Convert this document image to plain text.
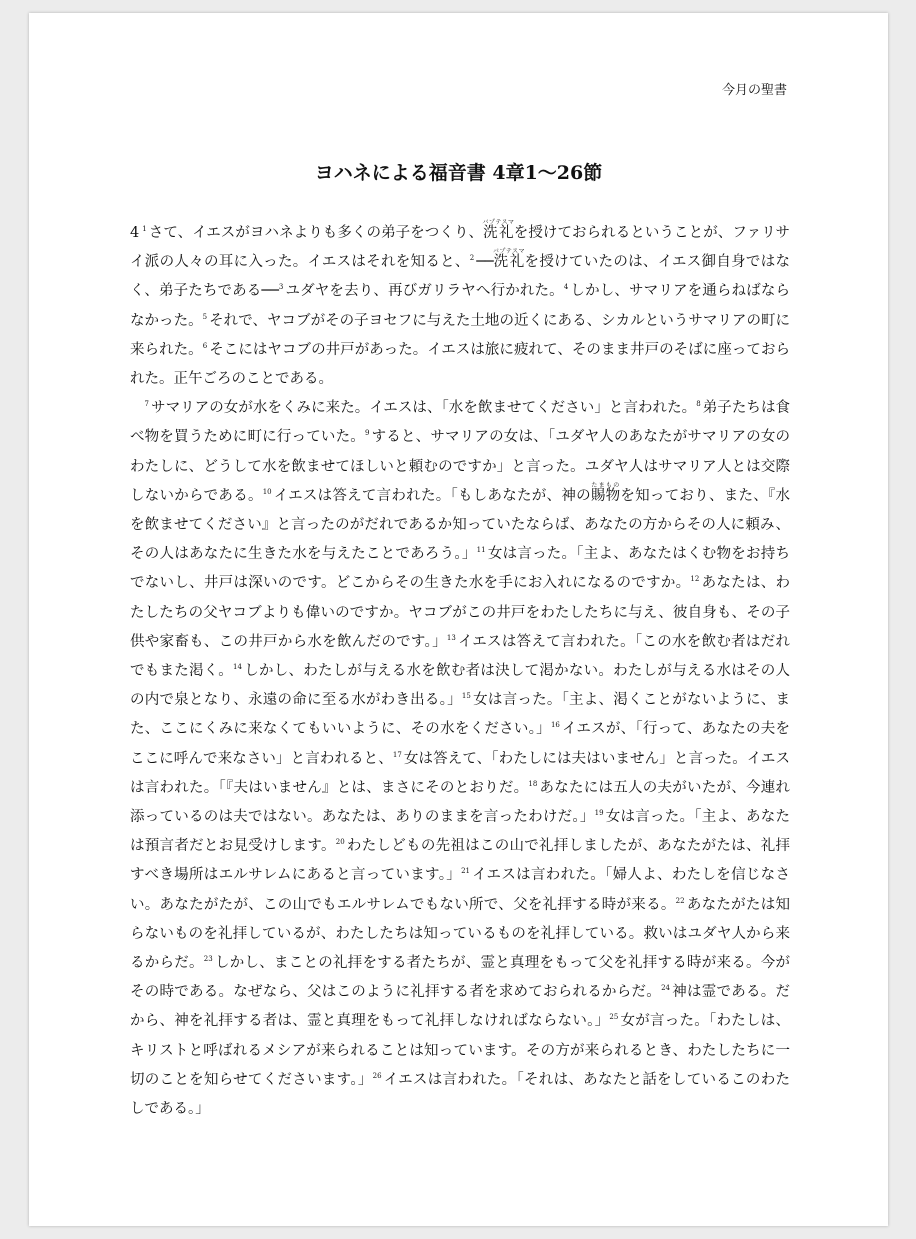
今月の聖書
ヨハネによる福音書 4章1〜26節

4 $^1$ さて、イエスがヨハネよりも多くの弟子をつくり、洗礼バプテスマを授けておられるということが、ファリサイ派の人々の耳に入った。イエスはそれを知ると、$^2$ ──洗礼バプテスマを授けていたのは、イエス御自身ではなく、弟子たちである──$^3$ ユダヤを去り、再びガリラヤへ行かれた。$^4$ しかし、サマリアを通らねばならなかった。$^5$ それで、ヤコブがその子ヨセフに与えた土地の近くにある、シカルというサマリアの町に来られた。$^6$ そこにはヤコブの井戸があった。イエスは旅に疲れて、そのまま井戸のそばに座っておられた。正午ごろのことである。

$^7$ サマリアの女が水をくみに来た。イエスは、「水を飲ませてください」と言われた。$^8$ 弟子たちは食べ物を買うために町に行っていた。$^9$ すると、サマリアの女は、「ユダヤ人のあなたがサマリアの女のわたしに、どうして水を飲ませてほしいと頼むのですか」と言った。ユダヤ人はサマリア人とは交際しないからである。$^{10}$ イエスは答えて言われた。「もしあなたが、神の賜物たまものを知っており、また、『水を飲ませてください』と言ったのがだれであるか知っていたならば、あなたの方からその人に頼み、その人はあなたに生きた水を与えたことであろう。」$^{11}$ 女は言った。「主よ、あなたはくむ物をお持ちでないし、井戸は深いのです。どこからその生きた水を手にお入れになるのですか。$^{12}$ あなたは、わたしたちの父ヤコブよりも偉いのですか。ヤコブがこの井戸をわたしたちに与え、彼自身も、その子供や家畜も、この井戸から水を飲んだのです。」$^{13}$ イエスは答えて言われた。「この水を飲む者はだれでもまた渇く。$^{14}$ しかし、わたしが与える水を飲む者は決して渇かない。わたしが与える水はその人の内で泉となり、永遠の命に至る水がわき出る。」$^{15}$ 女は言った。「主よ、渇くことがないように、また、ここにくみに来なくてもいいように、その水をください。」$^{16}$ イエスが、「行って、あなたの夫をここに呼んで来なさい」と言われると、$^{17}$ 女は答えて、「わたしには夫はいません」と言った。イエスは言われた。「『夫はいません』とは、まさにそのとおりだ。$^{18}$ あなたには五人の夫がいたが、今連れ添っているのは夫ではない。あなたは、ありのままを言ったわけだ。」$^{19}$ 女は言った。「主よ、あなたは預言者だとお見受けします。$^{20}$ わたしどもの先祖はこの山で礼拝しましたが、あなたがたは、礼拝すべき場所はエルサレムにあると言っています。」$^{21}$ イエスは言われた。「婦人よ、わたしを信じなさい。あなたがたが、この山でもエルサレムでもない所で、父を礼拝する時が来る。$^{22}$ あなたがたは知らないものを礼拝しているが、わたしたちは知っているものを礼拝している。救いはユダヤ人から来るからだ。$^{23}$ しかし、まことの礼拝をする者たちが、霊と真理をもって父を礼拝する時が来る。今がその時である。なぜなら、父はこのように礼拝する者を求めておられるからだ。$^{24}$ 神は霊である。だから、神を礼拝する者は、霊と真理をもって礼拝しなければならない。」$^{25}$ 女が言った。「わたしは、キリストと呼ばれるメシアが来られることは知っています。その方が来られるとき、わたしたちに一切のことを知らせてくださいます。」$^{26}$ イエスは言われた。「それは、あなたと話をしているこのわたしである。」
